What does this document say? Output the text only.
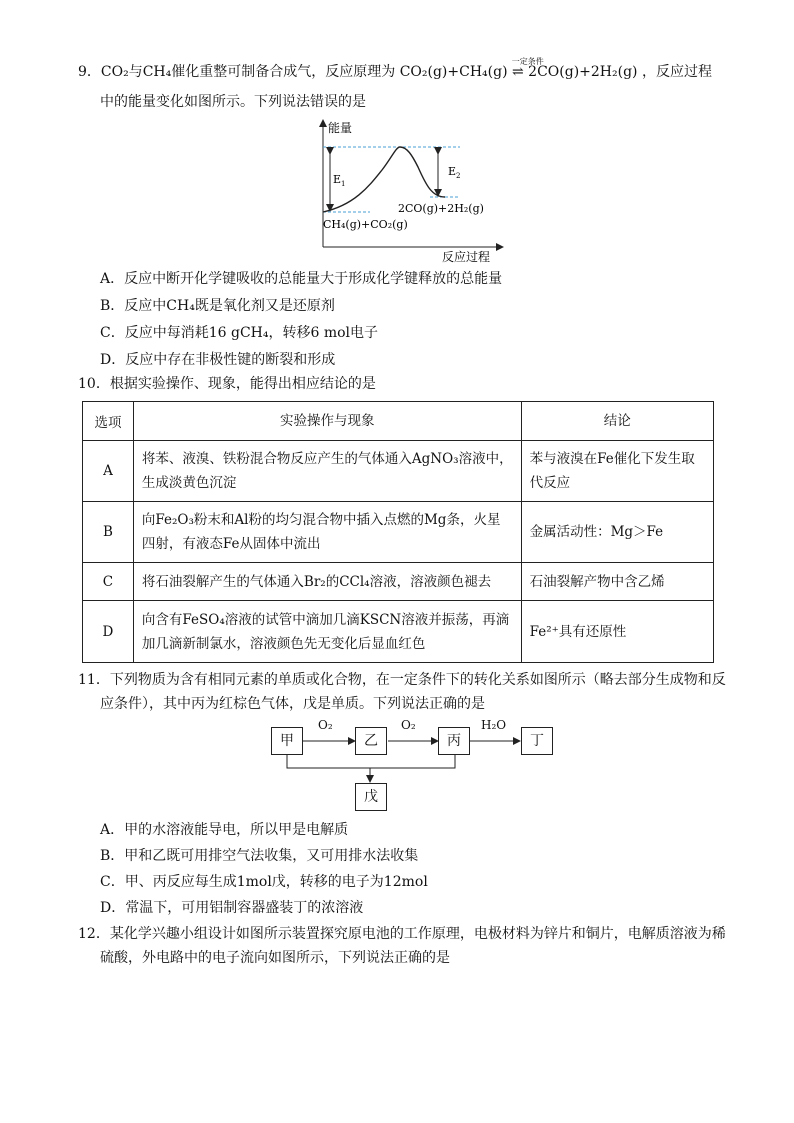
9．CO₂与CH₄催化重整可制备合成气，反应原理为
一定条件
CO₂(g)+CH₄(g) ⇌ 2CO(g)+2H₂(g) ，反应过程
中的能量变化如图所示。下列说法错误的是
$E_1$
$E_2$
能量
2CO(g)+2H₂(g)
CH₄(g)+CO₂(g)
反应过程
A．反应中断开化学键吸收的总能量大于形成化学键释放的总能量
B．反应中CH₄既是氧化剂又是还原剂
C．反应中每消耗16 gCH₄，转移6 mol电子
D．反应中存在非极性键的断裂和形成
10．根据实验操作、现象，能得出相应结论的是
选项	实验操作与现象	结论
A	将苯、液溴、铁粉混合物反应产生的气体通入AgNO₃溶液中，生成淡黄色沉淀	苯与液溴在Fe催化下发生取代反应
B	向Fe₂O₃粉末和Al粉的均匀混合物中插入点燃的Mg条，火星四射，有液态Fe从固体中流出	金属活动性：Mg＞Fe
C	将石油裂解产生的气体通入Br₂的CCl₄溶液，溶液颜色褪去	石油裂解产物中含乙烯
D	向含有FeSO₄溶液的试管中滴加几滴KSCN溶液并振荡，再滴加几滴新制氯水，溶液颜色先无变化后显血红色	Fe²⁺具有还原性
11．下列物质为含有相同元素的单质或化合物，在一定条件下的转化关系如图所示（略去部分生成物和反
应条件），其中丙为红棕色气体，戊是单质。下列说法正确的是
甲	乙	丙	丁
戊
O₂	O₂	H₂O
A．甲的水溶液能导电，所以甲是电解质
B．甲和乙既可用排空气法收集，又可用排水法收集
C．甲、丙反应每生成1mol戊，转移的电子为12mol
D．常温下，可用铝制容器盛装丁的浓溶液
12．某化学兴趣小组设计如图所示装置探究原电池的工作原理，电极材料为锌片和铜片，电解质溶液为稀
硫酸，外电路中的电子流向如图所示，下列说法正确的是
